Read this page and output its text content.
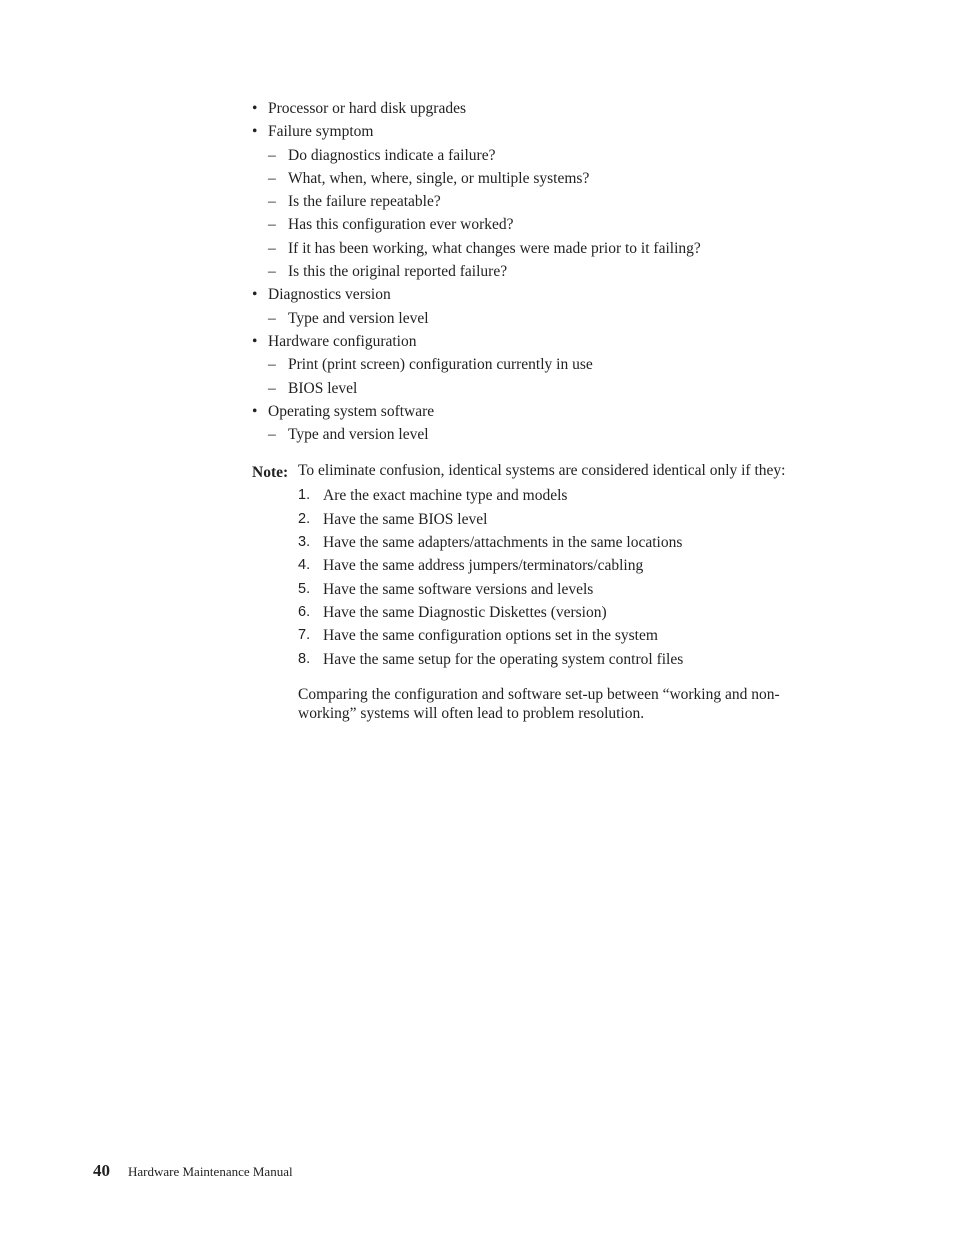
• Processor or hard disk upgrades
• Failure symptom
– Do diagnostics indicate a failure?
– What, when, where, single, or multiple systems?
– Is the failure repeatable?
– Has this configuration ever worked?
– If it has been working, what changes were made prior to it failing?
– Is this the original reported failure?
• Diagnostics version
– Type and version level
• Hardware configuration
– Print (print screen) configuration currently in use
– BIOS level
• Operating system software
– Type and version level
Note: To eliminate confusion, identical systems are considered identical only if they:
1. Are the exact machine type and models
2. Have the same BIOS level
3. Have the same adapters/attachments in the same locations
4. Have the same address jumpers/terminators/cabling
5. Have the same software versions and levels
6. Have the same Diagnostic Diskettes (version)
7. Have the same configuration options set in the system
8. Have the same setup for the operating system control files

Comparing the configuration and software set-up between “working and non-working” systems will often lead to problem resolution.

40 Hardware Maintenance Manual
